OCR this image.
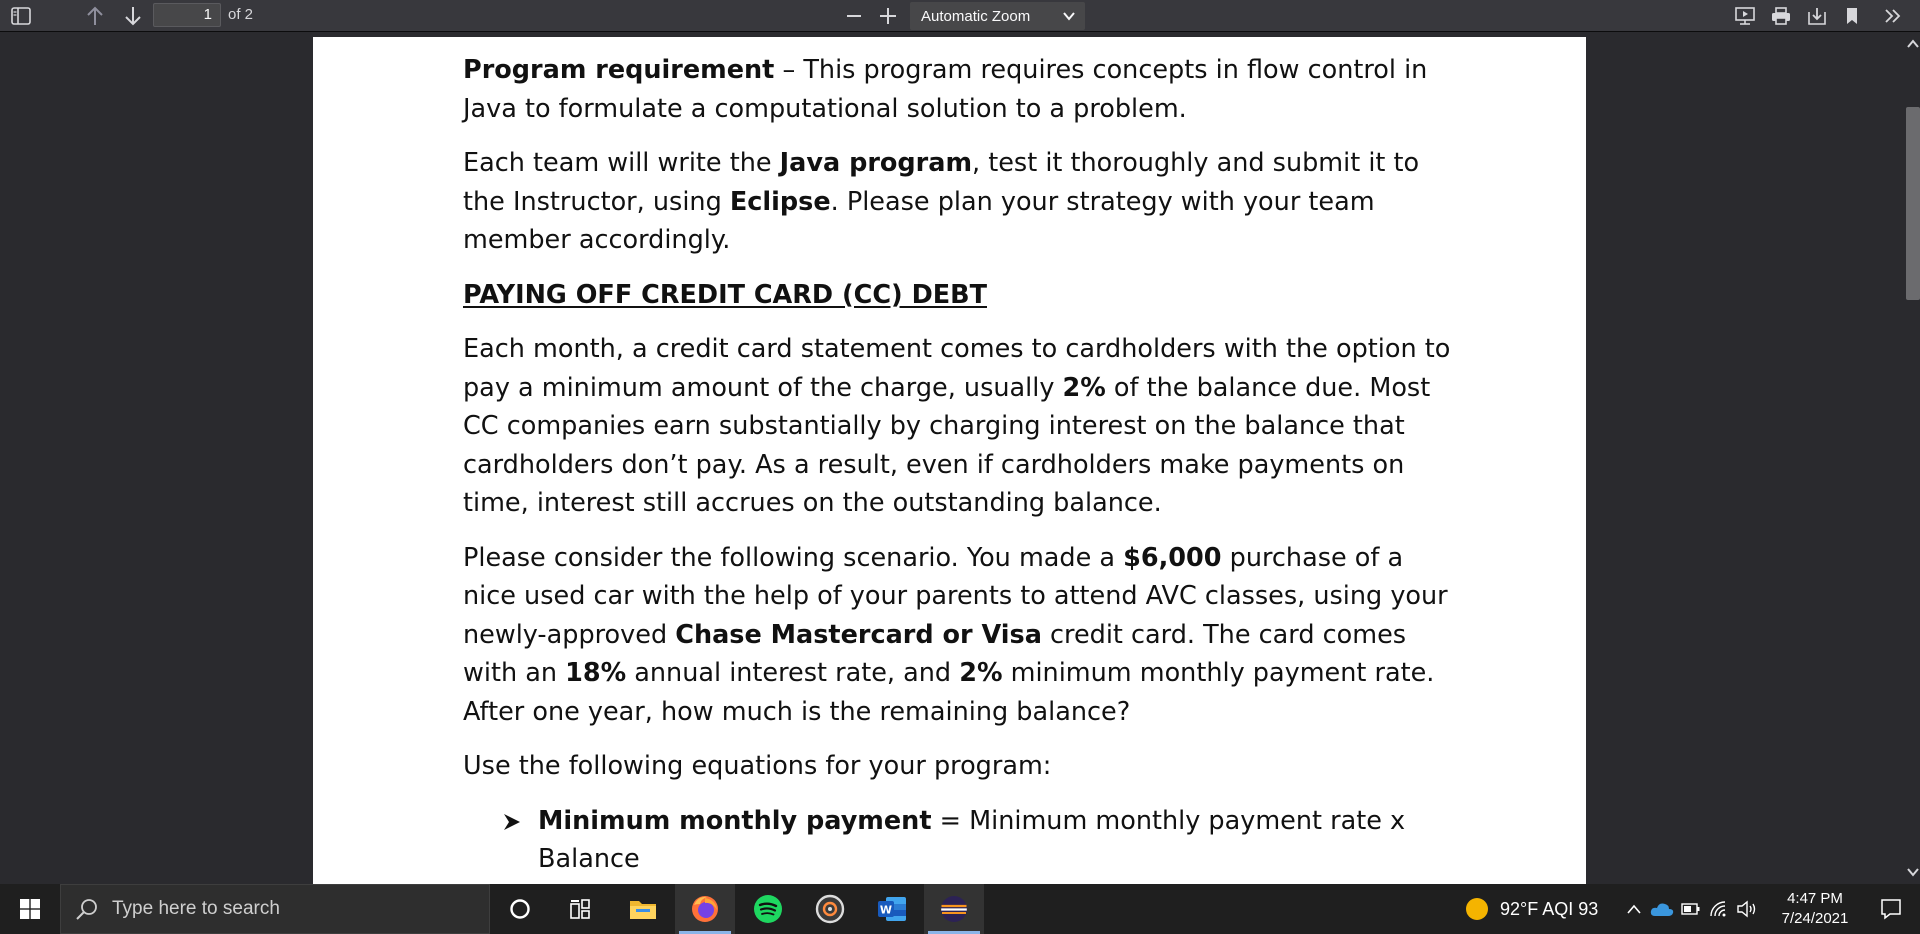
1	of 2	Automatic Zoom

Program requirement – This program requires concepts in flow control in Java to formulate a computational solution to a problem.

Each team will write the Java program, test it thoroughly and submit it to the Instructor, using Eclipse. Please plan your strategy with your team member accordingly.

PAYING OFF CREDIT CARD (CC) DEBT

Each month, a credit card statement comes to cardholders with the option to pay a minimum amount of the charge, usually 2% of the balance due. Most CC companies earn substantially by charging interest on the balance that cardholders don’t pay. As a result, even if cardholders make payments on time, interest still accrues on the outstanding balance.

Please consider the following scenario. You made a $6,000 purchase of a nice used car with the help of your parents to attend AVC classes, using your newly-approved Chase Mastercard or Visa credit card. The card comes with an 18% annual interest rate, and 2% minimum monthly payment rate. After one year, how much is the remaining balance?

Use the following equations for your program:

Minimum monthly payment = Minimum monthly payment rate x Balance
Type here to search	W	92°F AQI 93	4:47 PM
7/24/2021
